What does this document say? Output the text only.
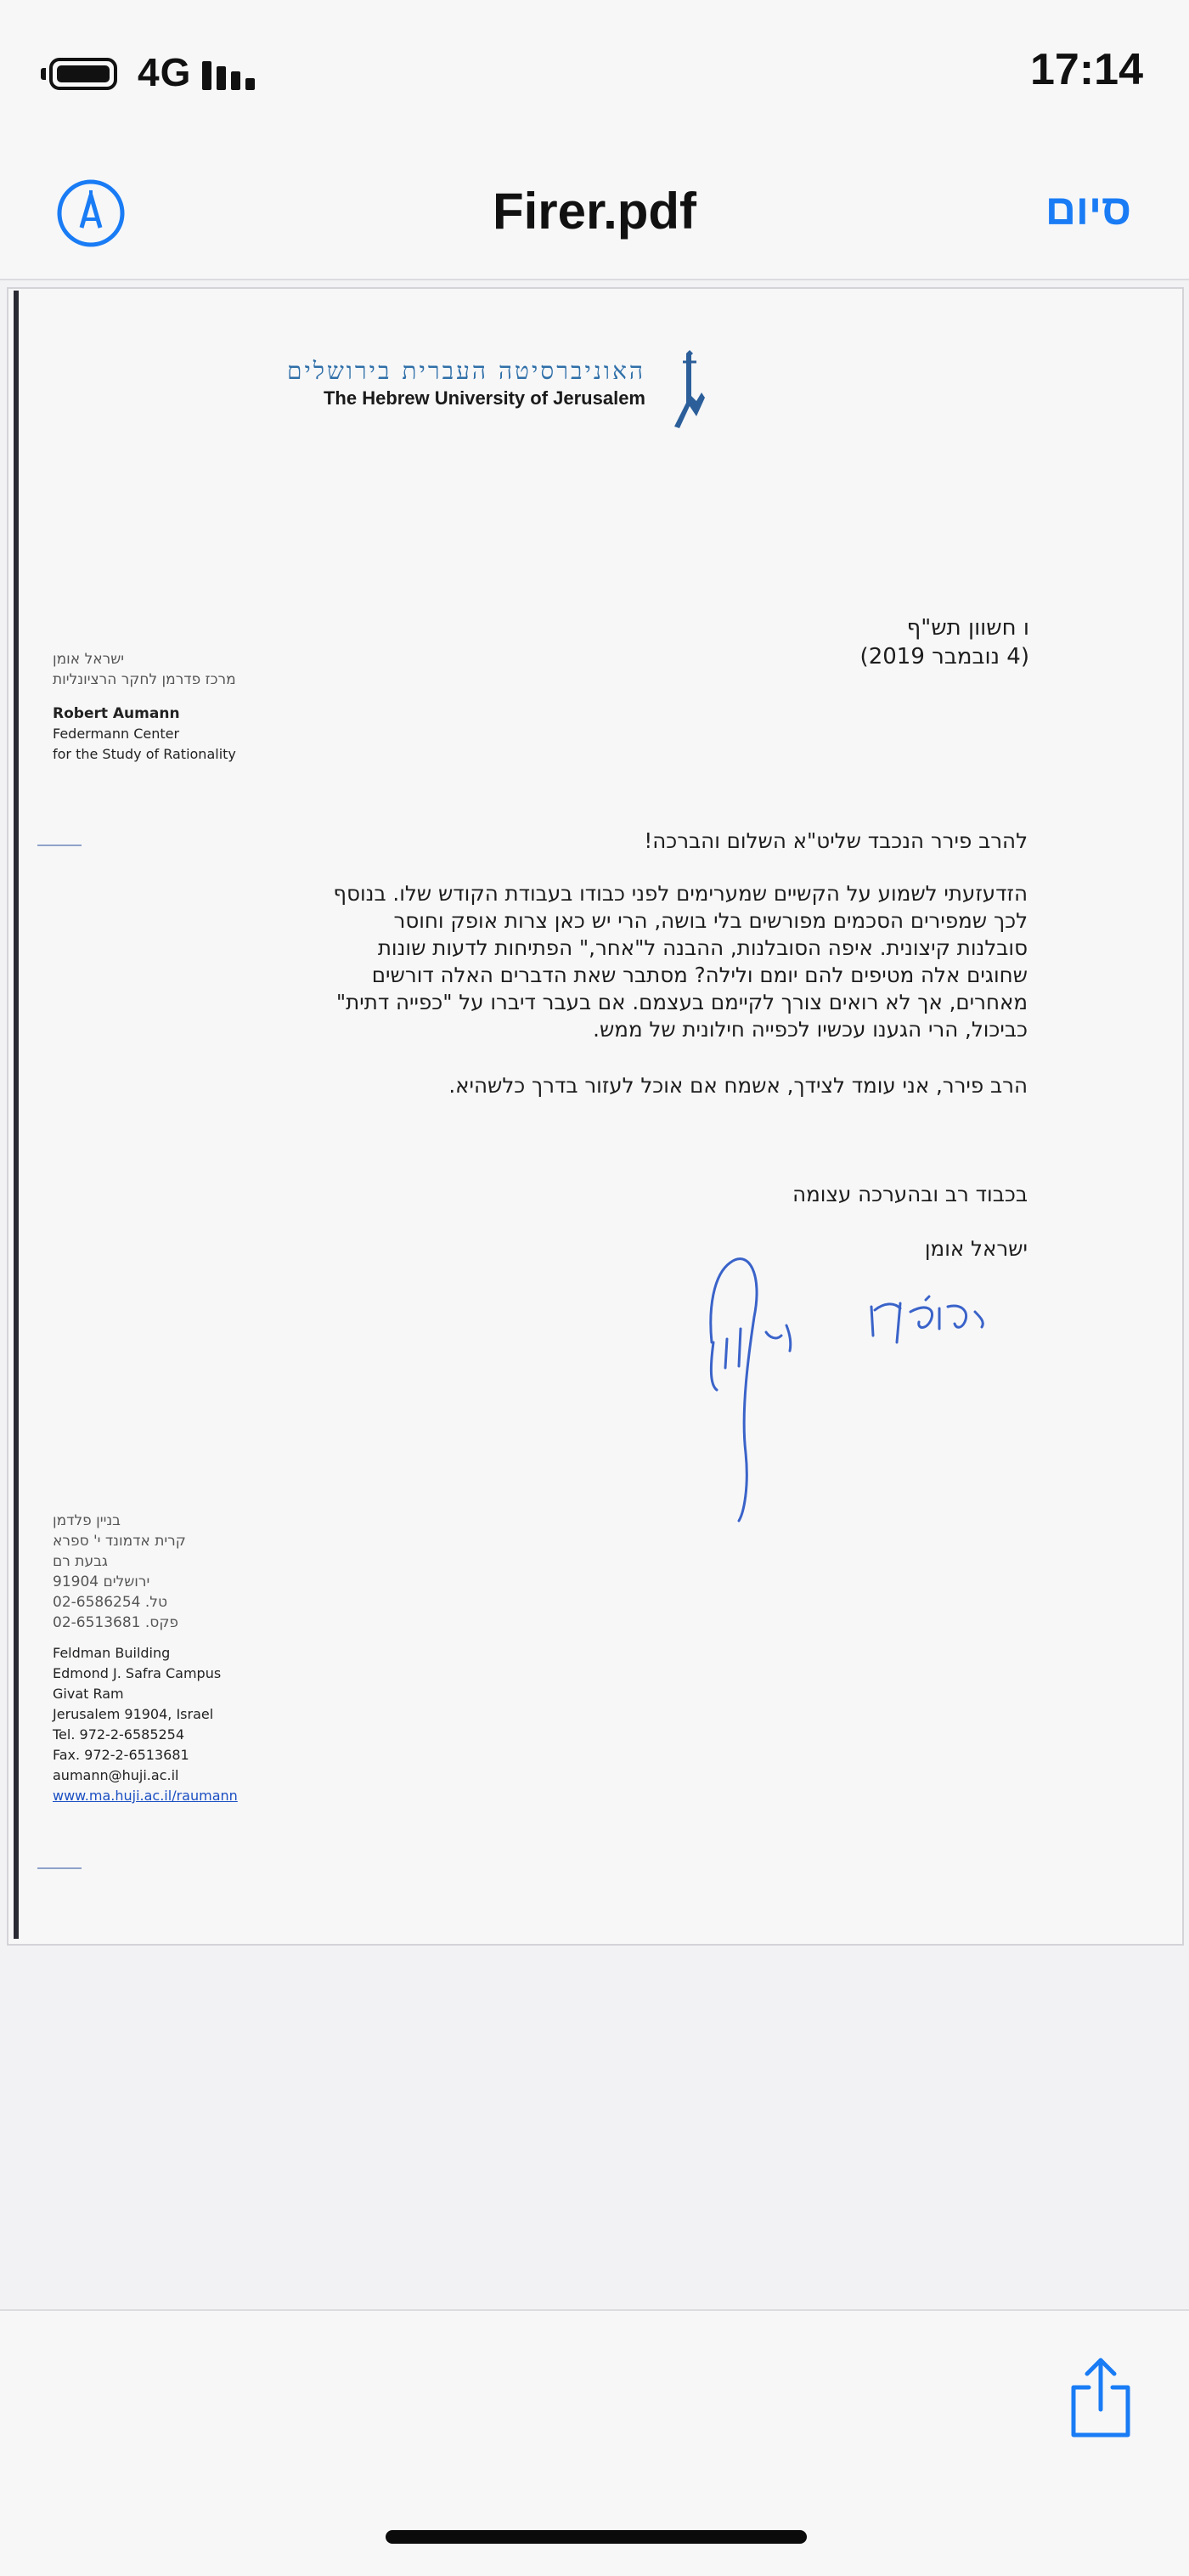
4G	17:14
Firer.pdf	סיום
האוניברסיטה העברית בירושלים
The Hebrew University of Jerusalem
ו חשוון תש"ף
(4 נובמבר 2019)
ישראל אומן
מרכז פדרמן לחקר הרציונליות
Robert Aumann
Federmann Center
for the Study of Rationality
להרב פירר הנכבד שליט"א השלום והברכה!
הזדעזעתי לשמוע על הקשיים שמערימים לפני כבודו בעבודת הקודש שלו. בנוסף
לכך שמפירים הסכמים מפורשים בלי בושה, הרי יש כאן צרות אופק וחוסר
סובלנות קיצונית. איפה הסובלנות, ההבנה ל"אחר," הפתיחות לדעות שונות
שחוגים אלה מטיפים להם יומם ולילה? מסתבר שאת הדברים האלה דורשים
מאחרים, אך לא רואים צורך לקיימם בעצמם. אם בעבר דיברו על "כפייה דתית"
כביכול, הרי הגענו עכשיו לכפייה חילונית של ממש.
הרב פירר, אני עומד לצידך, אשמח אם אוכל לעזור בדרך כלשהיא.
בכבוד רב ובהערכה עצומה
ישראל אומן
בניין פלדמן
קרית אדמונד י' ספרא
גבעת רם
ירושלים 91904
טל. 02-6586254
פקס. 02-6513681
Feldman Building
Edmond J. Safra Campus
Givat Ram
Jerusalem 91904, Israel
Tel. 972-2-6585254
Fax. 972-2-6513681
aumann@huji.ac.il
www.ma.huji.ac.il/raumann
